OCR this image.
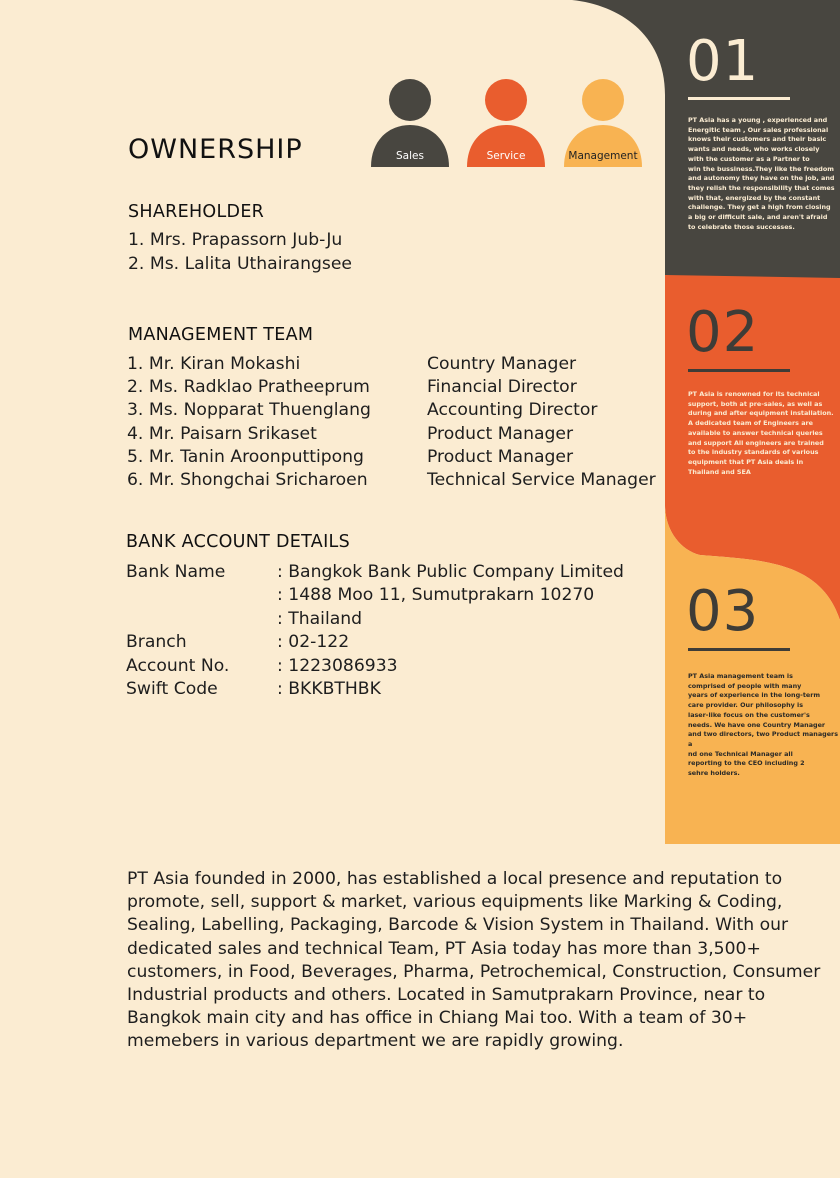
01
PT Asia has a young , experienced and
Energitic team , Our sales professional
knows their customers and their basic
wants and needs, who works closely
with the customer as a Partner to
win the bussiness.They like the freedom
and autonomy they have on the job, and
they relish the responsibility that comes
with that, energized by the constant
challenge. They get a high from closing
a big or difficult sale, and aren't afraid
to celebrate those successes.
02
PT Asia is renowned for its technical
support, both at pre-sales, as well as
during and after equipment installation.
A dedicated team of Engineers are
available to answer technical queries
and support All engineers are trained
to the industry standards of various
equipment that PT Asia deals in
Thailand and SEA
03
PT Asia management team is
comprised of people with many
years of experience in the long-term
care provider. Our philosophy is
laser-like focus on the customer's
needs. We have one Country Manager
and two directors, two Product managers a
nd one Technical Manager all
reporting to the CEO including 2
sehre holders.
OWNERSHIP	Sales	Service	Management
SHAREHOLDER
1. Mrs. Prapassorn Jub-Ju
2. Ms. Lalita Uthairangsee
MANAGEMENT TEAM
1. Mr. Kiran Mokashi	Country Manager
2. Ms. Radklao Pratheeprum	Financial Director
3. Ms. Nopparat Thuenglang	Accounting Director
4. Mr. Paisarn Srikaset	Product Manager
5. Mr. Tanin Aroonputtipong	Product Manager
6. Mr. Shongchai Sricharoen	Technical Service Manager
BANK ACCOUNT DETAILS
Bank Name	: Bangkok Bank Public Company Limited
: 1488 Moo 11, Sumutprakarn 10270
: Thailand
Branch	: 02-122
Account No.	: 1223086933
Swift Code	: BKKBTHBK

PT Asia founded in 2000, has established a local presence and reputation to promote, sell, support & market, various equipments like Marking & Coding, Sealing, Labelling, Packaging, Barcode & Vision System in Thailand. With our dedicated sales and technical Team, PT Asia today has more than 3,500+ customers, in Food, Beverages, Pharma, Petrochemical, Construction, Consumer Industrial products and others. Located in Samutprakarn Province, near to Bangkok main city and has office in Chiang Mai too. With a team of 30+ memebers in various department we are rapidly growing.
